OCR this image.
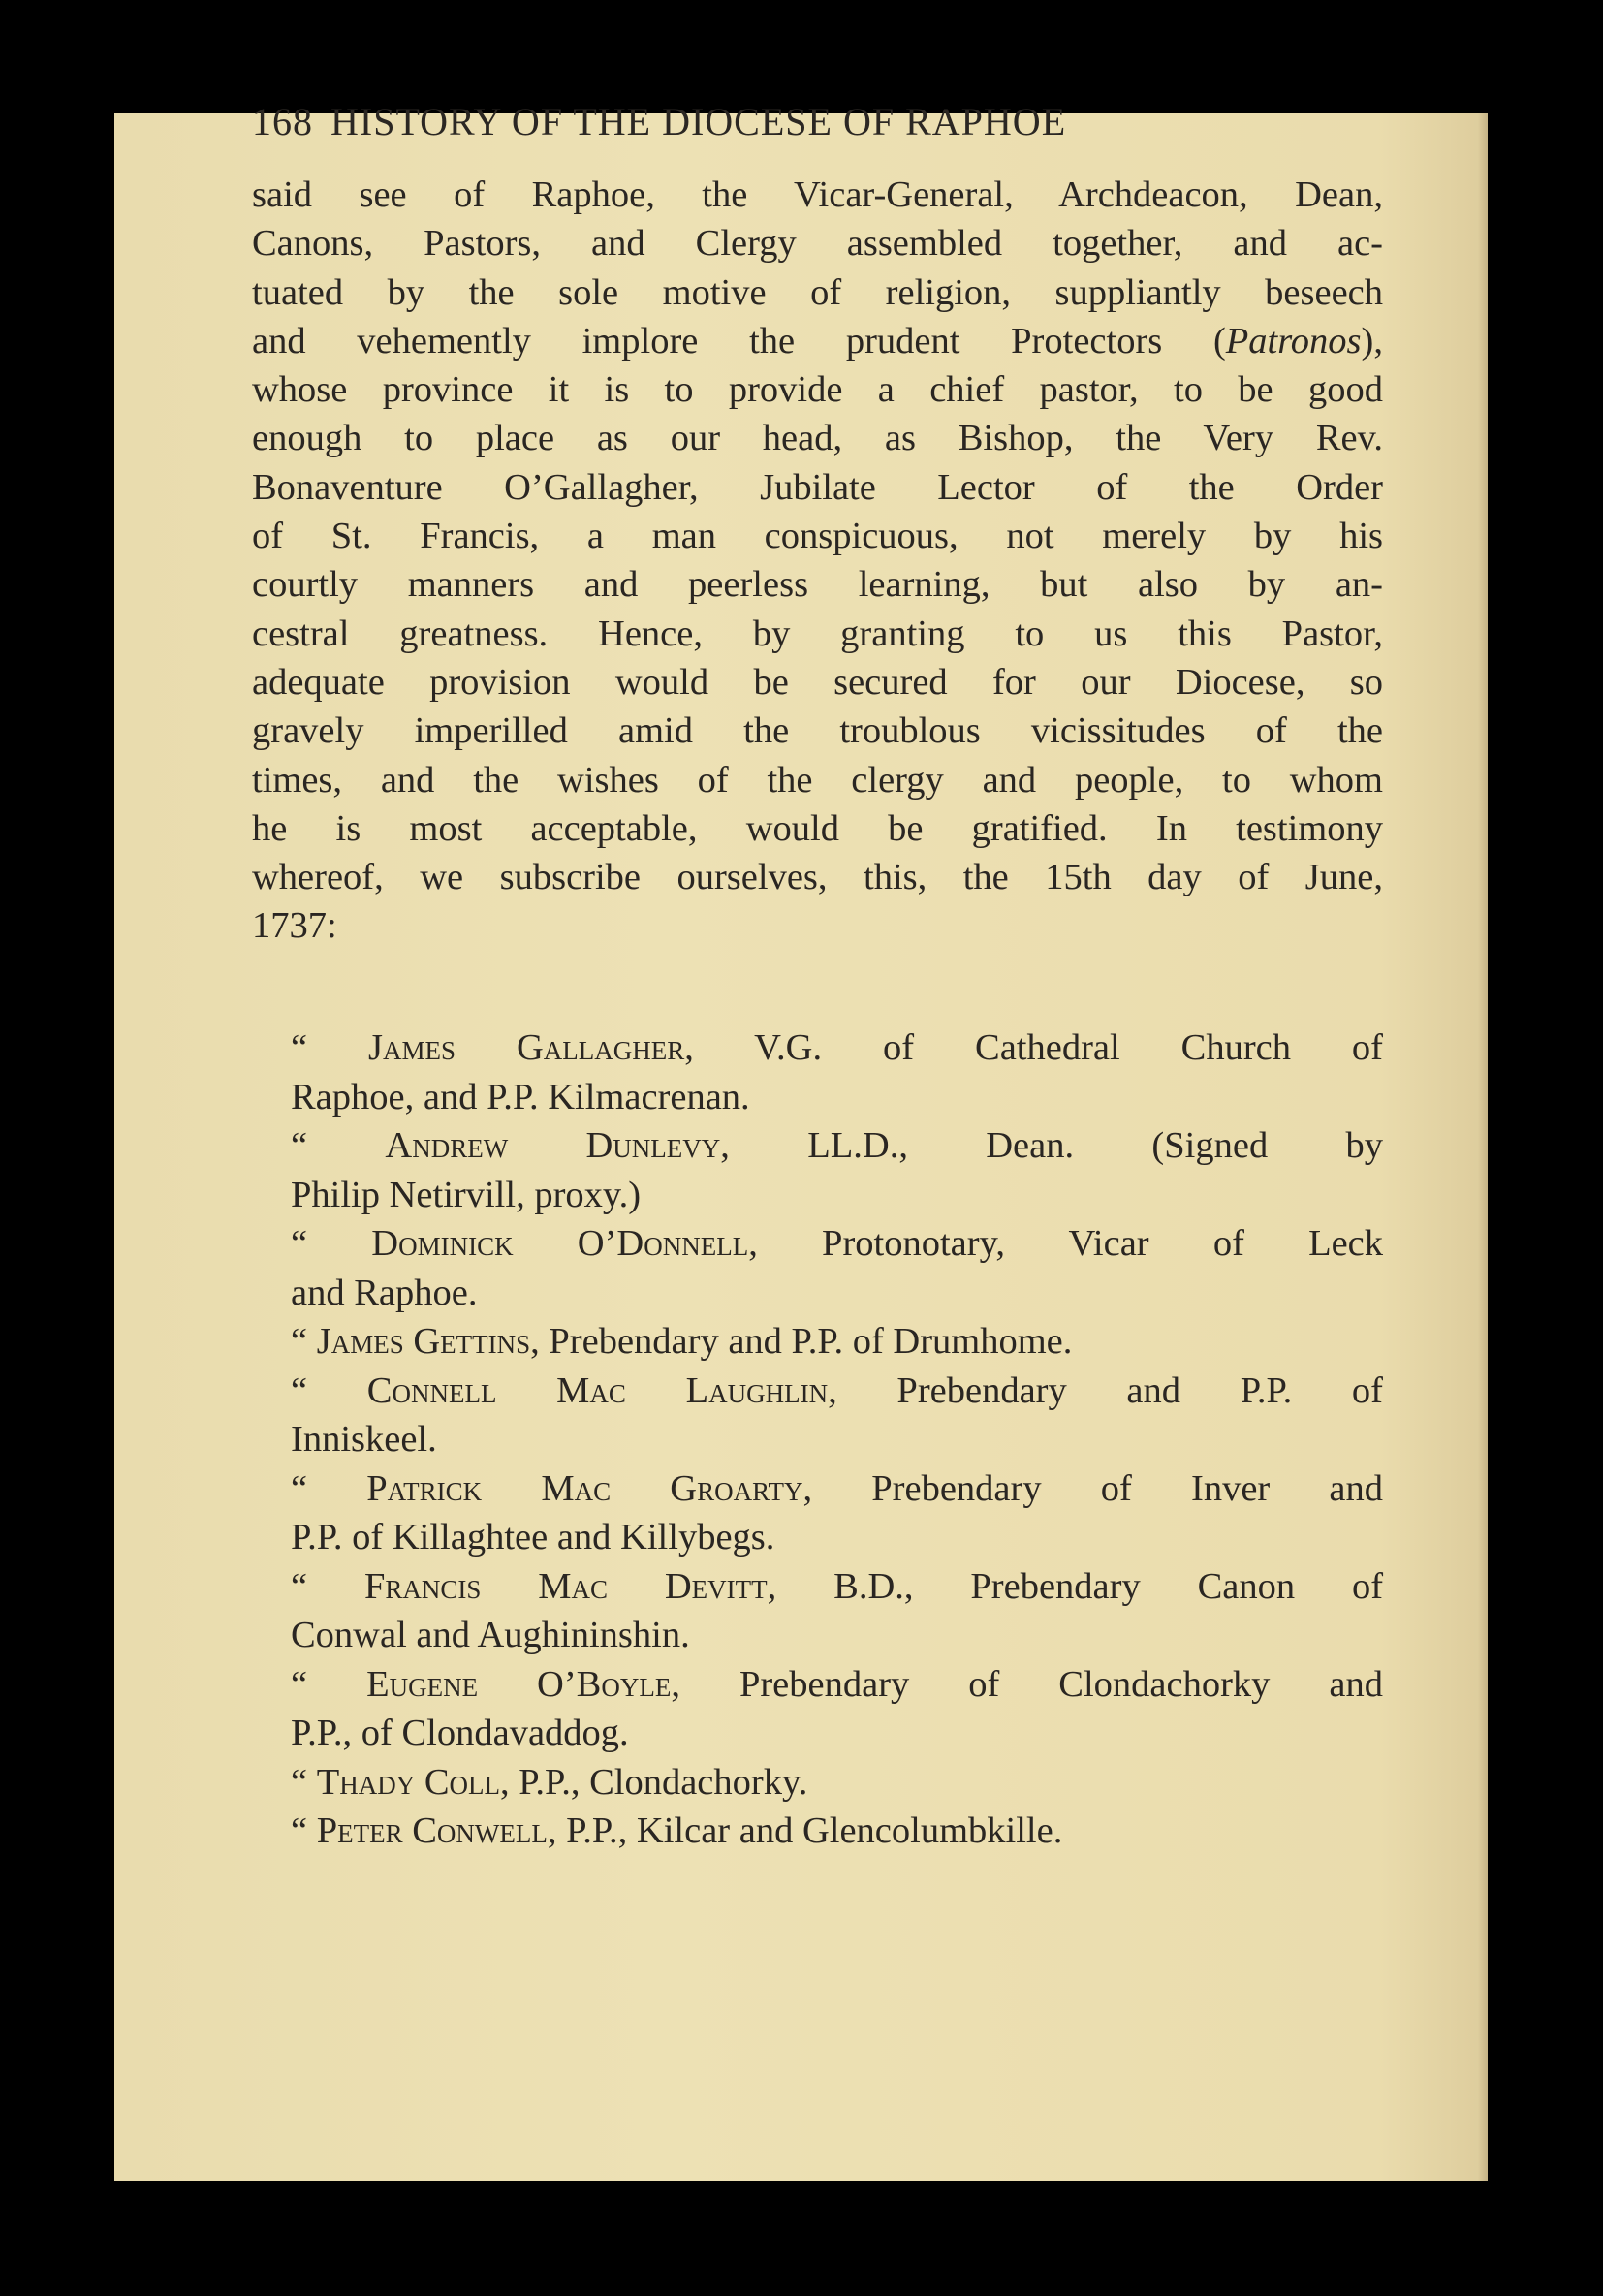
168 HISTORY OF THE DIOCESE OF RAPHOE
said see of Raphoe, the Vicar-General, Archdeacon, Dean,
Canons, Pastors, and Clergy assembled together, and ac-
tuated by the sole motive of religion, suppliantly beseech
and vehemently implore the prudent Protectors (Patronos),
whose province it is to provide a chief pastor, to be good
enough to place as our head, as Bishop, the Very Rev.
Bonaventure O’Gallagher, Jubilate Lector of the Order
of St. Francis, a man conspicuous, not merely by his
courtly manners and peerless learning, but also by an-
cestral greatness. Hence, by granting to us this Pastor,
adequate provision would be secured for our Diocese, so
gravely imperilled amid the troublous vicissitudes of the
times, and the wishes of the clergy and people, to whom
he is most acceptable, would be gratified. In testimony
whereof, we subscribe ourselves, this, the 15th day of June,
1737:
“ James Gallagher, V.G. of Cathedral Church of
Raphoe, and P.P. Kilmacrenan.
“ Andrew Dunlevy, LL.D., Dean. (Signed by
Philip Netirvill, proxy.)
“ Dominick O’Donnell, Protonotary, Vicar of Leck
and Raphoe.
“ James Gettins, Prebendary and P.P. of Drumhome.
“ Connell Mac Laughlin, Prebendary and P.P. of
Inniskeel.
“ Patrick Mac Groarty, Prebendary of Inver and
P.P. of Killaghtee and Killybegs.
“ Francis Mac Devitt, B.D., Prebendary Canon of
Conwal and Aughininshin.
“ Eugene O’Boyle, Prebendary of Clondachorky and
P.P., of Clondavaddog.
“ Thady Coll, P.P., Clondachorky.
“ Peter Conwell, P.P., Kilcar and Glencolumbkille.
